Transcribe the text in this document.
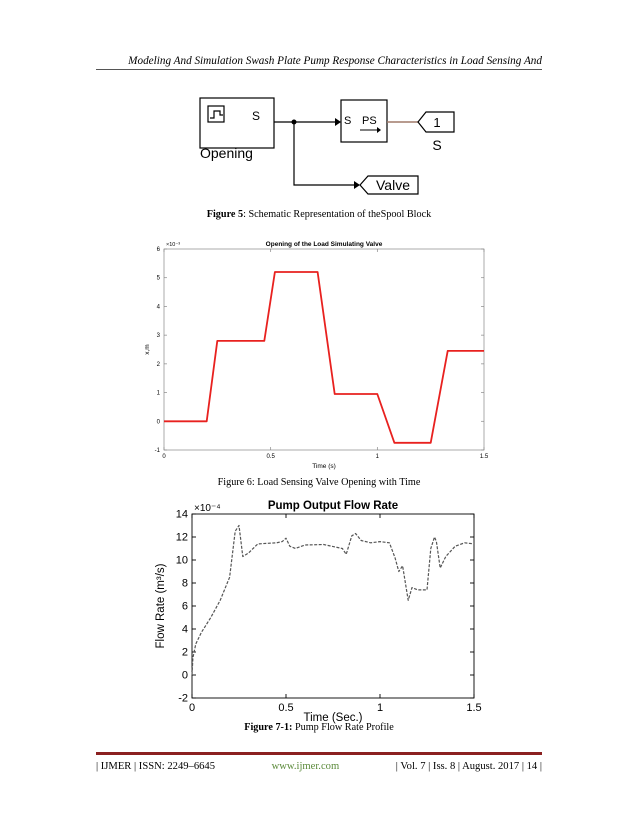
Modeling And Simulation Swash Plate Pump Response Characteristics in Load Sensing And
S
Opening
S PS	1
S
Valve
Figure 5: Schematic Representation of theSpool Block
Opening of the Load Simulating Valve
0	0.5	1	1.5
-1
0
1
2
3
4
5
6
×10⁻³
Time (s)
x,m
Figure 6: Load Sensing Valve Opening with Time
Pump Output Flow Rate
0	0.5	1	1.5
-2
0
2
4
6
8
10
12
14
×10⁻⁴
Time (Sec.)
Flow Rate (m³/s)
Figure 7-1: Pump Flow Rate Profile
| IJMER | ISSN: 2249–6645	www.ijmer.com	| Vol. 7 | Iss. 8 | August. 2017 | 14 |
